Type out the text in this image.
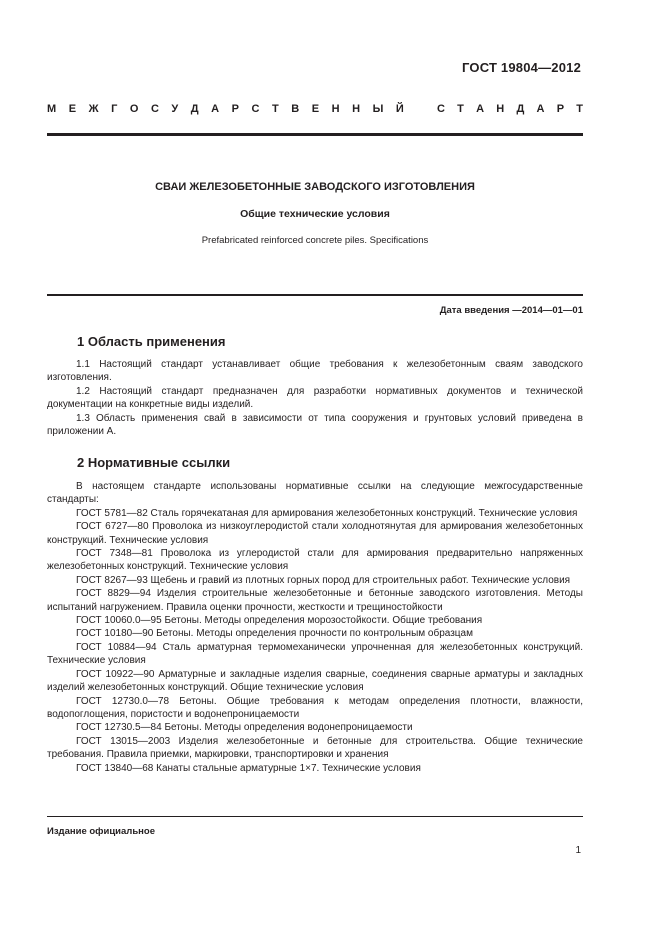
ГОСТ 19804—2012
М Е Ж Г О С У Д А Р С Т В Е Н Н Ы Й	С Т А Н Д А Р Т
СВАИ ЖЕЛЕЗОБЕТОННЫЕ ЗАВОДСКОГО ИЗГОТОВЛЕНИЯ
Общие технические условия
Prefabricated reinforced concrete piles. Specifications
Дата введения —2014—01—01
1 Область применения

1.1 Настоящий стандарт устанавливает общие требования к железобетонным сваям заводского изготовления.

1.2 Настоящий стандарт предназначен для разработки нормативных документов и технической документации на конкретные виды изделий.

1.3 Область применения свай в зависимости от типа сооружения и грунтовых условий приведена в приложении А.

2 Нормативные ссылки

В настоящем стандарте использованы нормативные ссылки на следующие межгосударственные стандарты:

ГОСТ 5781—82 Сталь горячекатаная для армирования железобетонных конструкций. Технические условия

ГОСТ 6727—80 Проволока из низкоуглеродистой стали холоднотянутая для армирования железобетонных конструкций. Технические условия

ГОСТ 7348—81 Проволока из углеродистой стали для армирования предварительно напряженных железобетонных конструкций. Технические условия

ГОСТ 8267—93 Щебень и гравий из плотных горных пород для строительных работ. Технические условия

ГОСТ 8829—94 Изделия строительные железобетонные и бетонные заводского изготовления. Методы испытаний нагружением. Правила оценки прочности, жесткости и трещиностойкости

ГОСТ 10060.0—95 Бетоны. Методы определения морозостойкости. Общие требования

ГОСТ 10180—90 Бетоны. Методы определения прочности по контрольным образцам

ГОСТ 10884—94 Сталь арматурная термомеханически упрочненная для железобетонных конструкций. Технические условия

ГОСТ 10922—90 Арматурные и закладные изделия сварные, соединения сварные арматуры и закладных изделий железобетонных конструкций. Общие технические условия

ГОСТ 12730.0—78 Бетоны. Общие требования к методам определения плотности, влажности, водопоглощения, пористости и водонепроницаемости

ГОСТ 12730.5—84 Бетоны. Методы определения водонепроницаемости

ГОСТ 13015—2003 Изделия железобетонные и бетонные для строительства. Общие технические требования. Правила приемки, маркировки, транспортировки и хранения

ГОСТ 13840—68 Канаты стальные арматурные 1×7. Технические условия

Издание официальное
1
